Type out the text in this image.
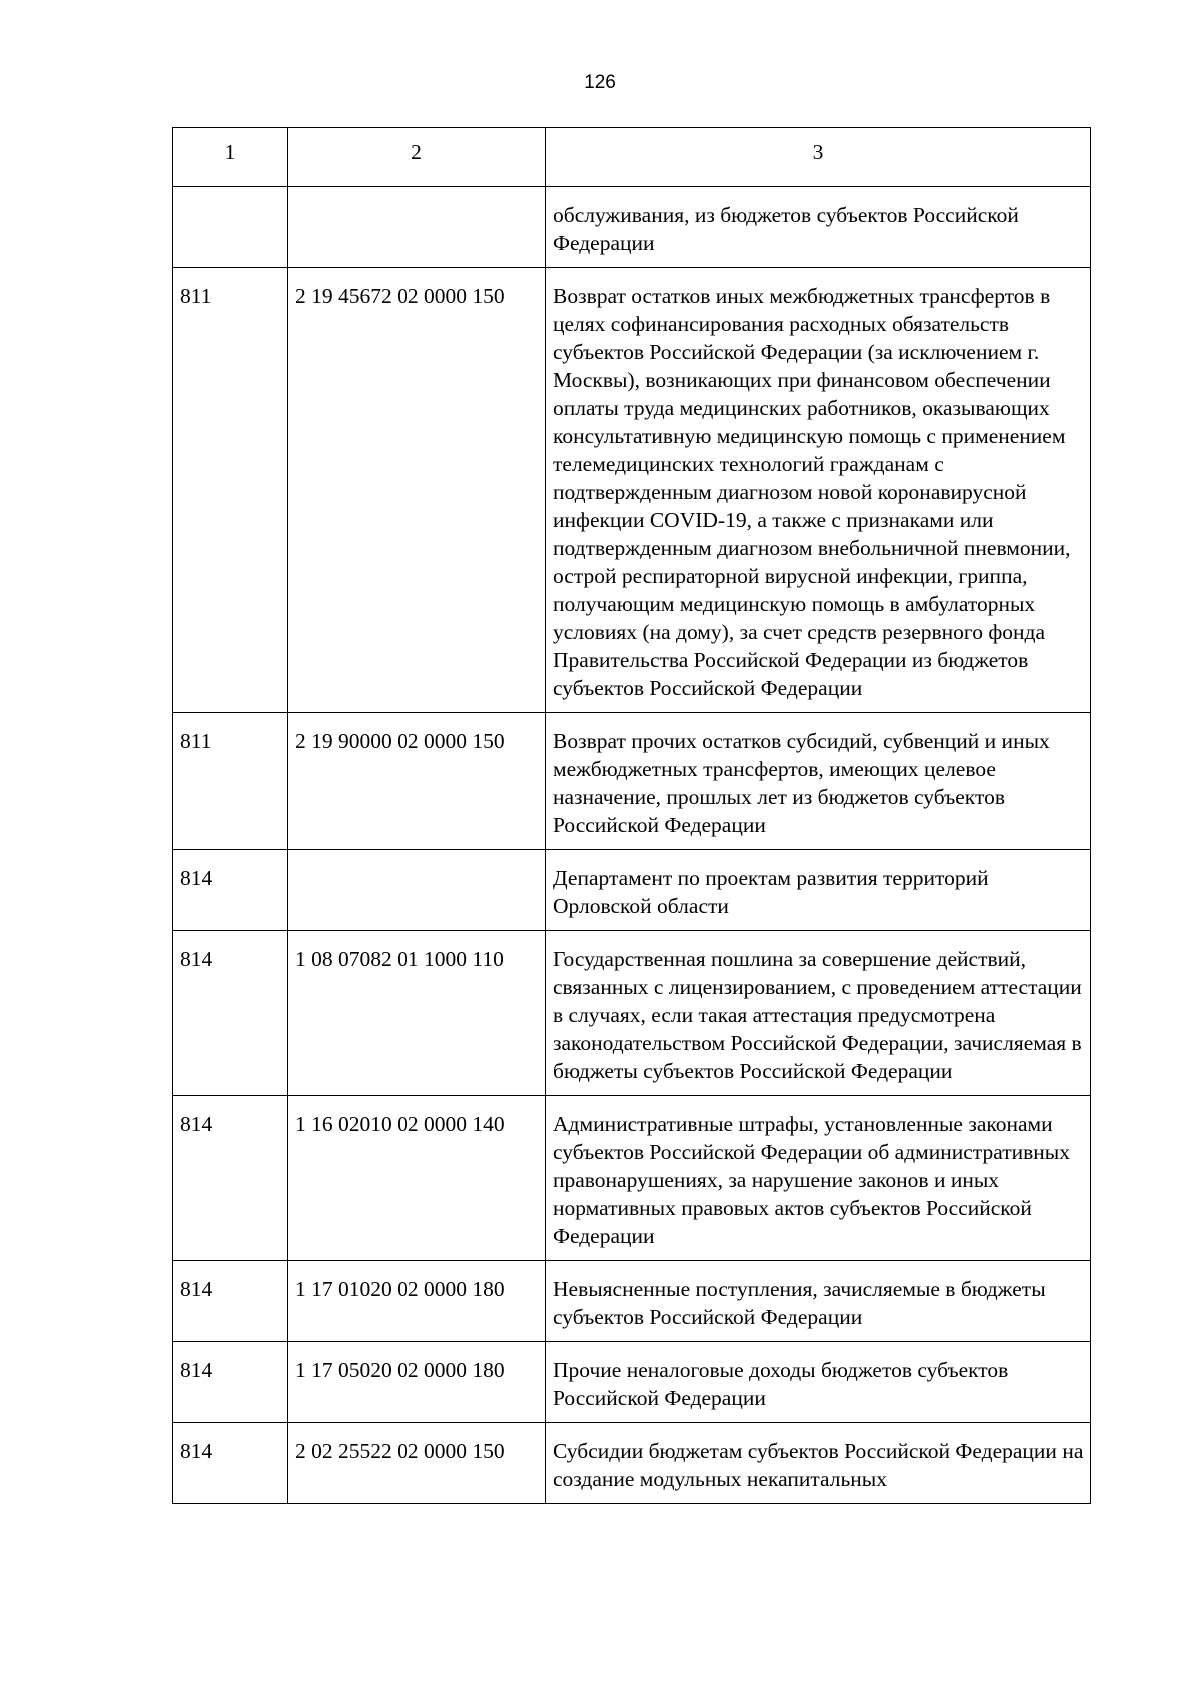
126
1	2	3
		обслуживания, из бюджетов субъектов Российской Федерации
811	2 19 45672 02 0000 150	Возврат остатков иных межбюджетных трансфертов в целях софинансирования расходных обязательств субъектов Российской Федерации (за исключением г. Москвы), возникающих при финансовом обеспечении оплаты труда медицинских работников, оказывающих консультативную медицинскую помощь с применением телемедицинских технологий гражданам с подтвержденным диагнозом новой коронавирусной инфекции COVID-19, а также с признаками или подтвержденным диагнозом внебольничной пневмонии, острой респираторной вирусной инфекции, гриппа, получающим медицинскую помощь в амбулаторных условиях (на дому), за счет средств резервного фонда Правительства Российской Федерации из бюджетов субъектов Российской Федерации
811	2 19 90000 02 0000 150	Возврат прочих остатков субсидий, субвенций и иных межбюджетных трансфертов, имеющих целевое назначение, прошлых лет из бюджетов субъектов Российской Федерации
814		Департамент по проектам развития территорий Орловской области
814	1 08 07082 01 1000 110	Государственная пошлина за совершение действий, связанных с лицензированием, с проведением аттестации в случаях, если такая аттестация предусмотрена законодательством Российской Федерации, зачисляемая в бюджеты субъектов Российской Федерации
814	1 16 02010 02 0000 140	Административные штрафы, установленные законами субъектов Российской Федерации об административных правонарушениях, за нарушение законов и иных нормативных правовых актов субъектов Российской Федерации
814	1 17 01020 02 0000 180	Невыясненные поступления, зачисляемые в бюджеты субъектов Российской Федерации
814	1 17 05020 02 0000 180	Прочие неналоговые доходы бюджетов субъектов Российской Федерации
814	2 02 25522 02 0000 150	Субсидии бюджетам субъектов Российской Федерации на создание модульных некапитальных
